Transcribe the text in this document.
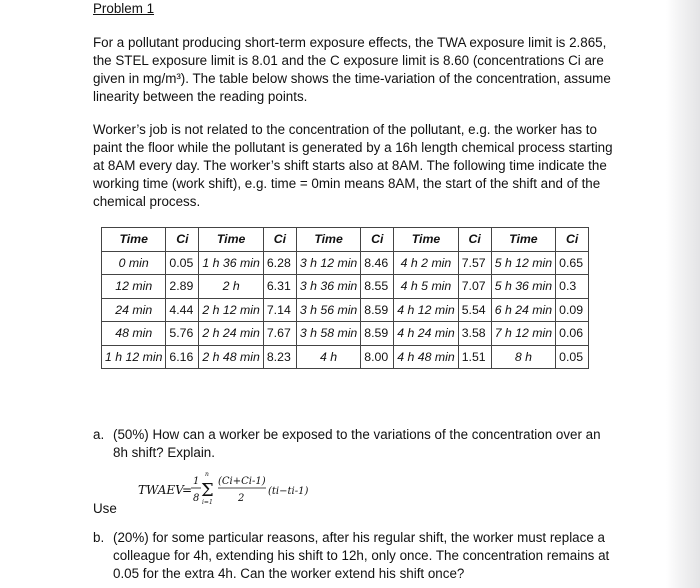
Problem 1
For a pollutant producing short-term exposure effects, the TWA exposure limit is 2.865, the STEL exposure limit is 8.01 and the C exposure limit is 8.60 (concentrations Ci are given in mg/m³). The table below shows the time-variation of the concentration, assume linearity between the reading points.
Worker’s job is not related to the concentration of the pollutant, e.g. the worker has to paint the floor while the pollutant is generated by a 16h length chemical process starting at 8AM every day. The worker’s shift starts also at 8AM. The following time indicate the working time (work shift), e.g. time = 0min means 8AM, the start of the shift and of the chemical process.
Time	Ci	Time	Ci	Time	Ci	Time	Ci	Time	Ci
0 min	0.05	1 h 36 min	6.28	3 h 12 min	8.46	4 h 2 min	7.57	5 h 12 min	0.65
12 min	2.89	2 h	6.31	3 h 36 min	8.55	4 h 5 min	7.07	5 h 36 min	0.3
24 min	4.44	2 h 12 min	7.14	3 h 56 min	8.59	4 h 12 min	5.54	6 h 24 min	0.09
48 min	5.76	2 h 24 min	7.67	3 h 58 min	8.59	4 h 24 min	3.58	7 h 12 min	0.06
1 h 12 min	6.16	2 h 48 min	8.23	4 h	8.00	4 h 48 min	1.51	8 h	0.05
a. (50%) How can a worker be exposed to the variations of the concentration over an 8h shift? Explain.
TWAEV
=
1
8
n
Σ
i=1
(Ci+Ci-1)
2
(ti−ti-1)
Use
b. (20%) for some particular reasons, after his regular shift, the worker must replace a colleague for 4h, extending his shift to 12h, only once. The concentration remains at 0.05 for the extra 4h. Can the worker extend his shift once?
